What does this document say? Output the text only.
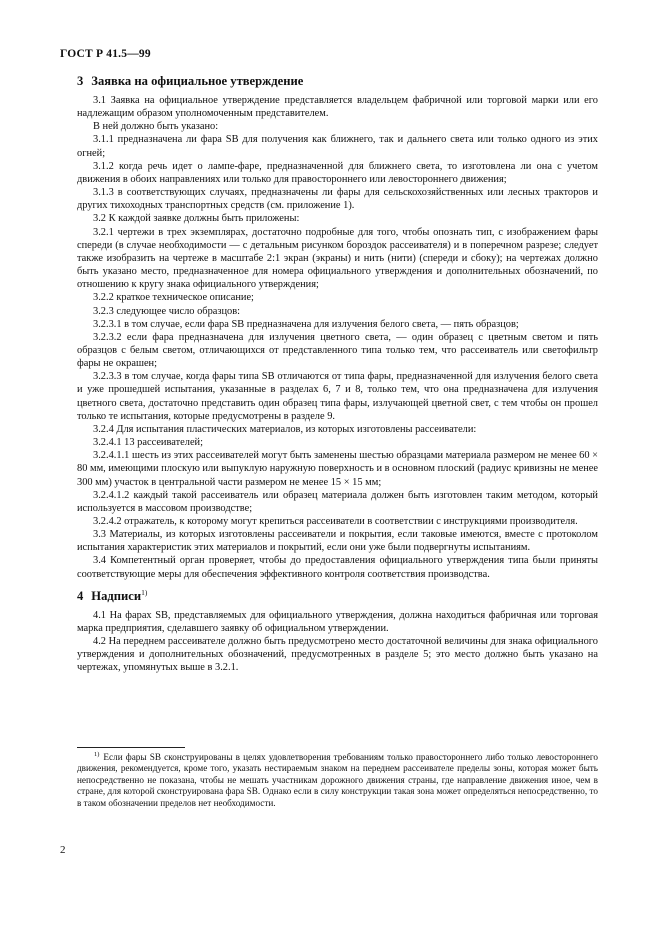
ГОСТ Р 41.5—99
3 Заявка на официальное утверждение

3.1 Заявка на официальное утверждение представляется владельцем фабричной или торговой марки или его надлежащим образом уполномоченным представителем.

В ней должно быть указано:

3.1.1 предназначена ли фара SB для получения как ближнего, так и дальнего света или только одного из этих огней;

3.1.2 когда речь идет о лампе-фаре, предназначенной для ближнего света, то изготовлена ли она с учетом движения в обоих направлениях или только для правостороннего или левостороннего движения;

3.1.3 в соответствующих случаях, предназначены ли фары для сельскохозяйственных или лесных тракторов и других тихоходных транспортных средств (см. приложение 1).

3.2 К каждой заявке должны быть приложены:

3.2.1 чертежи в трех экземплярах, достаточно подробные для того, чтобы опознать тип, с изображением фары спереди (в случае необходимости — с детальным рисунком бороздок рассеивателя) и в поперечном разрезе; следует также изобразить на чертеже в масштабе 2:1 экран (экраны) и нить (нити) (спереди и сбоку); на чертежах должно быть указано место, предназначенное для номера официального утверждения и дополнительных обозначений, по отношению к кругу знака официального утверждения;

3.2.2 краткое техническое описание;

3.2.3 следующее число образцов:

3.2.3.1 в том случае, если фара SB предназначена для излучения белого света, — пять образцов;

3.2.3.2 если фара предназначена для излучения цветного света, — один образец с цветным светом и пять образцов с белым светом, отличающихся от представленного типа только тем, что рассеиватель или светофильтр фары не окрашен;

3.2.3.3 в том случае, когда фары типа SB отличаются от типа фары, предназначенной для излучения белого света и уже прошедшей испытания, указанные в разделах 6, 7 и 8, только тем, что она предназначена для излучения цветного света, достаточно представить один образец типа фары, излучающей цветной свет, с тем чтобы он прошел только те испытания, которые предусмотрены в разделе 9.

3.2.4 Для испытания пластических материалов, из которых изготовлены рассеиватели:

3.2.4.1 13 рассеивателей;

3.2.4.1.1 шесть из этих рассеивателей могут быть заменены шестью образцами материала размером не менее 60 × 80 мм, имеющими плоскую или выпуклую наружную поверхность и в основном плоский (радиус кривизны не менее 300 мм) участок в центральной части размером не менее 15 × 15 мм;

3.2.4.1.2 каждый такой рассеиватель или образец материала должен быть изготовлен таким методом, который используется в массовом производстве;

3.2.4.2 отражатель, к которому могут крепиться рассеиватели в соответствии с инструкциями производителя.

3.3 Материалы, из которых изготовлены рассеиватели и покрытия, если таковые имеются, вместе с протоколом испытания характеристик этих материалов и покрытий, если они уже были подвергнуты испытаниям.

3.4 Компетентный орган проверяет, чтобы до предоставления официального утверждения типа были приняты соответствующие меры для обеспечения эффективного контроля соответствия производства.

4 Надписи$^{1)}$

4.1 На фарах SB, представляемых для официального утверждения, должна находиться фабричная или торговая марка предприятия, сделавшего заявку об официальном утверждении.

4.2 На переднем рассеивателе должно быть предусмотрено место достаточной величины для знака официального утверждения и дополнительных обозначений, предусмотренных в разделе 5; это место должно быть указано на чертежах, упомянутых выше в 3.2.1.

$^{1)}$ Если фары SB сконструированы в целях удовлетворения требованиям только правостороннего либо только левостороннего движения, рекомендуется, кроме того, указать нестираемым знаком на переднем рассеивателе пределы зоны, которая может быть непосредственно не показана, чтобы не мешать участникам дорожного движения страны, где направление движения иное, чем в стране, для которой сконструирована фара SB. Однако если в силу конструкции такая зона может определяться непосредственно, то в таком обозначении пределов нет необходимости.
2
